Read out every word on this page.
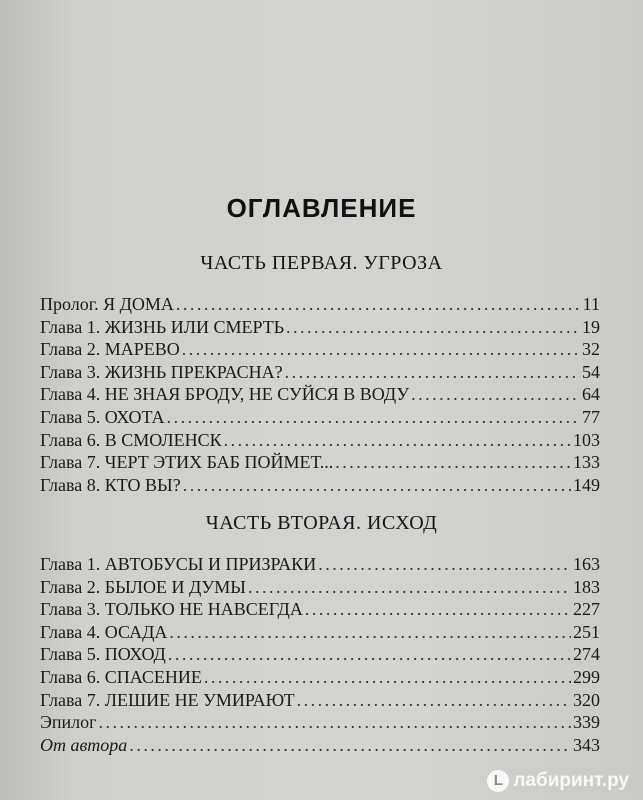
ОГЛАВЛЕНИЕ
ЧАСТЬ ПЕРВАЯ. УГРОЗА
Пролог. Я ДОМА . . .	11
Глава 1. ЖИЗНЬ ИЛИ СМЕРТЬ . . .	19
Глава 2. МАРЕВО . . .	32
Глава 3. ЖИЗНЬ ПРЕКРАСНА? . . .	54
Глава 4. НЕ ЗНАЯ БРОДУ, НЕ СУЙСЯ В ВОДУ . . .	64
Глава 5. ОХОТА . . .	77
Глава 6. В СМОЛЕНСК . . .	103
Глава 7. ЧЕРТ ЭТИХ БАБ ПОЙМЕТ... . . .	133
Глава 8. КТО ВЫ? . . .	149
ЧАСТЬ ВТОРАЯ. ИСХОД
Глава 1. АВТОБУСЫ И ПРИЗРАКИ . . .	163
Глава 2. БЫЛОЕ И ДУМЫ . . .	183
Глава 3. ТОЛЬКО НЕ НАВСЕГДА . . .	227
Глава 4. ОСАДА . . .	251
Глава 5. ПОХОД . . .	274
Глава 6. СПАСЕНИЕ . . .	299
Глава 7. ЛЕШИЕ НЕ УМИРАЮТ . . .	320
Эпилог . . .	339
От автора . . .	343
L лабиринт.ру
